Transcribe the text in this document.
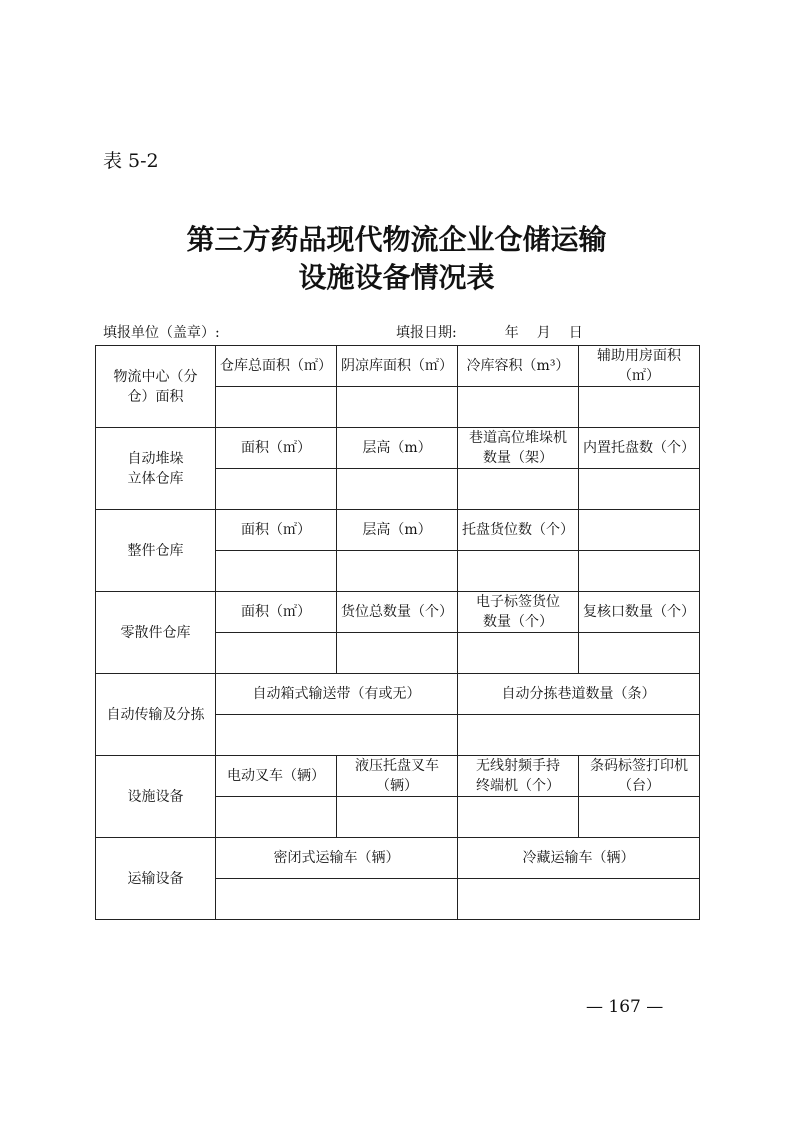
表 5-2
第三方药品现代物流企业仓储运输
设施设备情况表
填报单位（盖章）:	填报日期:	年 月 日
物流中心（分仓）面积	仓库总面积（㎡）	阴凉库面积（㎡）	冷库容积（m³）	辅助用房面积（㎡）

自动堆垛立体仓库	面积（㎡）	层高（m）	巷道高位堆垛机数量（架）	内置托盘数（个）

整件仓库	面积（㎡）	层高（m）	托盘货位数（个）	

零散件仓库	面积（㎡）	货位总数量（个）	电子标签货位数量（个）	复核口数量（个）

自动传输及分拣	自动箱式输送带（有或无）		自动分拣巷道数量（条）	

设施设备	电动叉车（辆）	液压托盘叉车（辆）	无线射频手持终端机（个）	条码标签打印机（台）

运输设备	密闭式运输车（辆）		冷藏运输车（辆）	

— 167 —
